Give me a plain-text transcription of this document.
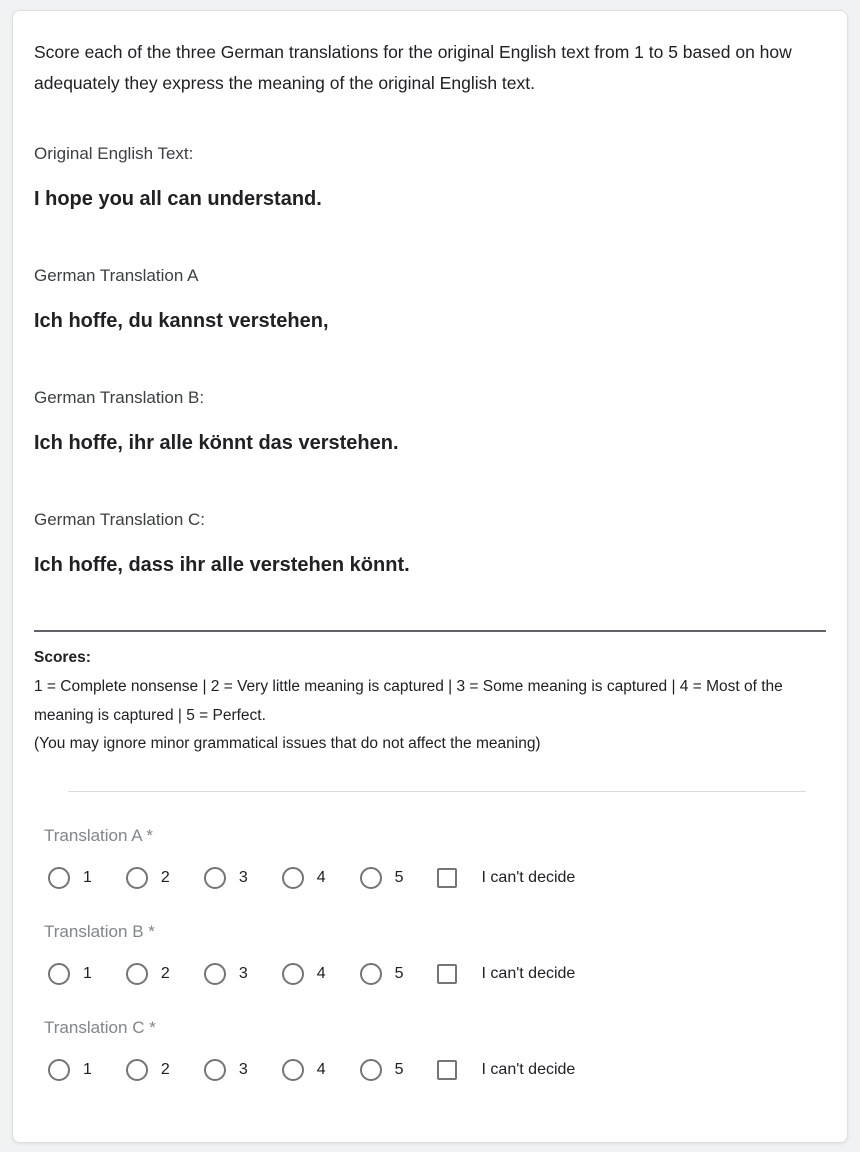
Score each of the three German translations for the original English text from 1 to 5 based on how adequately they express the meaning of the original English text.

Original English Text:
I hope you all can understand.
German Translation A
Ich hoffe, du kannst verstehen,
German Translation B:
Ich hoffe, ihr alle könnt das verstehen.
German Translation C:
Ich hoffe, dass ihr alle verstehen könnt.
Scores:
1 = Complete nonsense | 2 = Very little meaning is captured | 3 = Some meaning is captured | 4 = Most of the meaning is captured | 5 = Perfect.
(You may ignore minor grammatical issues that do not affect the meaning)
Translation A *
1	2	3	4	5	I can't decide
Translation B *
1	2	3	4	5	I can't decide
Translation C *
1	2	3	4	5	I can't decide
